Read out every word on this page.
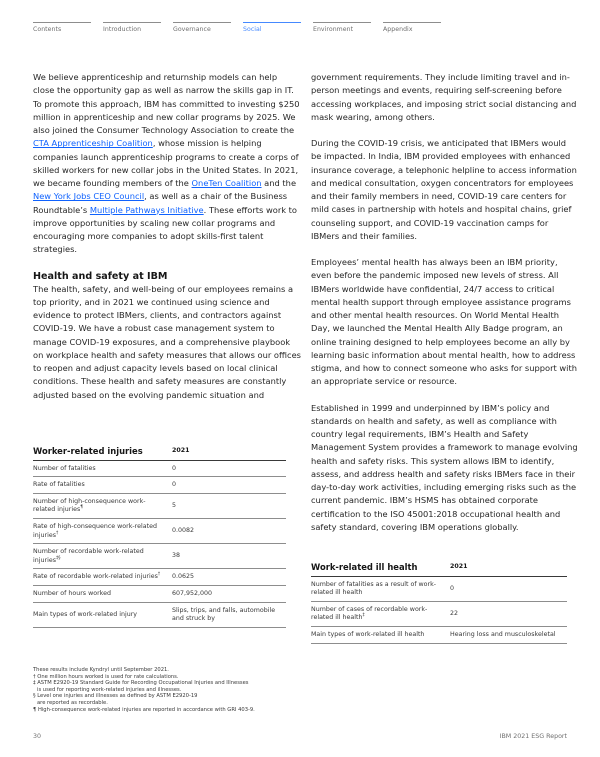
Contents	Introduction	Governance	Social	Environment	Appendix

We believe apprenticeship and returnship models can help close the opportunity gap as well as narrow the skills gap in IT. To promote this approach, IBM has committed to investing $250 million in apprenticeship and new collar programs by 2025. We also joined the Consumer Technology Association to create the CTA Apprenticeship Coalition, whose mission is helping companies launch apprenticeship programs to create a corps of skilled workers for new collar jobs in the United States. In 2021, we became founding members of the OneTen Coalition and the New York Jobs CEO Council, as well as a chair of the Business Roundtable’s Multiple Pathways Initiative. These efforts work to improve opportunities by scaling new collar programs and encouraging more companies to adopt skills-first talent strategies.

Health and safety at IBM

The health, safety, and well-being of our employees remains a top priority, and in 2021 we continued using science and evidence to protect IBMers, clients, and contractors against COVID-19. We have a robust case management system to manage COVID-19 exposures, and a comprehensive playbook on workplace health and safety measures that allows our offices to reopen and adjust capacity levels based on local clinical conditions. These health and safety measures are constantly adjusted based on the evolving pandemic situation and

government requirements. They include limiting travel and in-person meetings and events, requiring self-screening before accessing workplaces, and imposing strict social distancing and mask wearing, among others.

During the COVID-19 crisis, we anticipated that IBMers would be impacted. In India, IBM provided employees with enhanced insurance coverage, a telephonic helpline to access information and medical consultation, oxygen concentrators for employees and their family members in need, COVID-19 care centers for mild cases in partnership with hotels and hospital chains, grief counseling support, and COVID-19 vaccination camps for IBMers and their families.

Employees’ mental health has always been an IBM priority, even before the pandemic imposed new levels of stress. All IBMers worldwide have confidential, 24/7 access to critical mental health support through employee assistance programs and other mental health resources. On World Mental Health Day, we launched the Mental Health Ally Badge program, an online training designed to help employees become an ally by learning basic information about mental health, how to address stigma, and how to connect someone who asks for support with an appropriate service or resource.

Established in 1999 and underpinned by IBM’s policy and standards on health and safety, as well as compliance with country legal requirements, IBM’s Health and Safety Management System provides a framework to manage evolving health and safety risks. This system allows IBM to identify, assess, and address health and safety risks IBMers face in their day-to-day work activities, including emerging risks such as the current pandemic. IBM’s HSMS has obtained corporate certification to the ISO 45001:2018 occupational health and safety standard, covering IBM operations globally.

Worker-related injuries	2021
Number of fatalities	0
Rate of fatalities	0
Number of high-consequence work-related injuries¶	5
Rate of high-consequence work-related injuries†	0.0082
Number of recordable work-related injuries‡§	38
Rate of recordable work-related injuries†	0.0625
Number of hours worked	607,952,000
Main types of work-related injury	Slips, trips, and falls, automobile and struck by
These results include Kyndryl until September 2021.
† One million hours worked is used for rate calculations.
‡ ASTM E2920-19 Standard Guide for Recording Occupational Injuries and Illnesses
is used for reporting work-related injuries and illnesses.
§ Level one injuries and illnesses as defined by ASTM E2920-19
are reported as recordable.
¶ High-consequence work-related injuries are reported in accordance with GRI 403-9.
Work-related ill health	2021
Number of fatalities as a result of work-related ill health	0
Number of cases of recordable work-related ill health‡	22
Main types of work-related ill health	Hearing loss and musculoskeletal
30	IBM 2021 ESG Report
